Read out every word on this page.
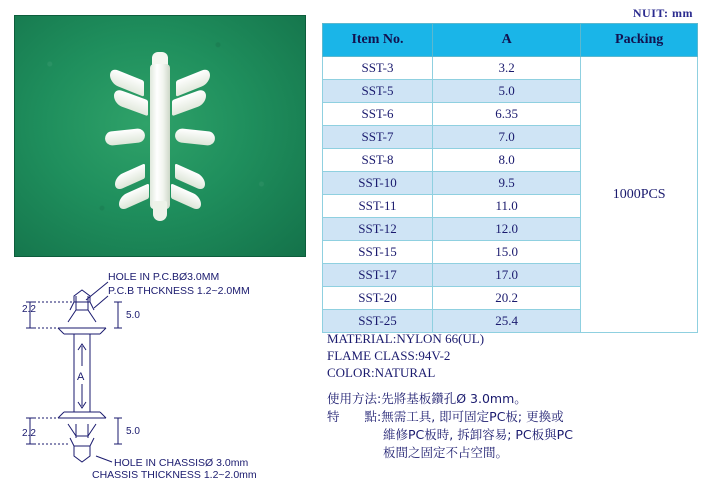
NUIT: mm
Item No.	A	Packing
SST-3	3.2	1000PCS
SST-5	5.0	
SST-6	6.35	
SST-7	7.0	
SST-8	8.0	
SST-10	9.5	
SST-11	11.0	
SST-12	12.0	
SST-15	15.0	
SST-17	17.0	
SST-20	20.2	
SST-25	25.4	
2.2
2.2
5.0
5.0
A
HOLE IN P.C.BØ3.0MM
P.C.B THCKNESS 1.2~2.0MM
HOLE IN CHASSISØ 3.0mm
CHASSIS THICKNESS 1.2~2.0mm
MATERIAL:NYLON 66(UL)
FLAME CLASS:94V-2
COLOR:NATURAL
使用方法: 先將基板鑽孔Ø 3.0mm。
特　　點: 無需工具, 即可固定PC板; 更換或
維修PC板時, 拆卸容易; PC板與PC
板間之固定不占空間。
